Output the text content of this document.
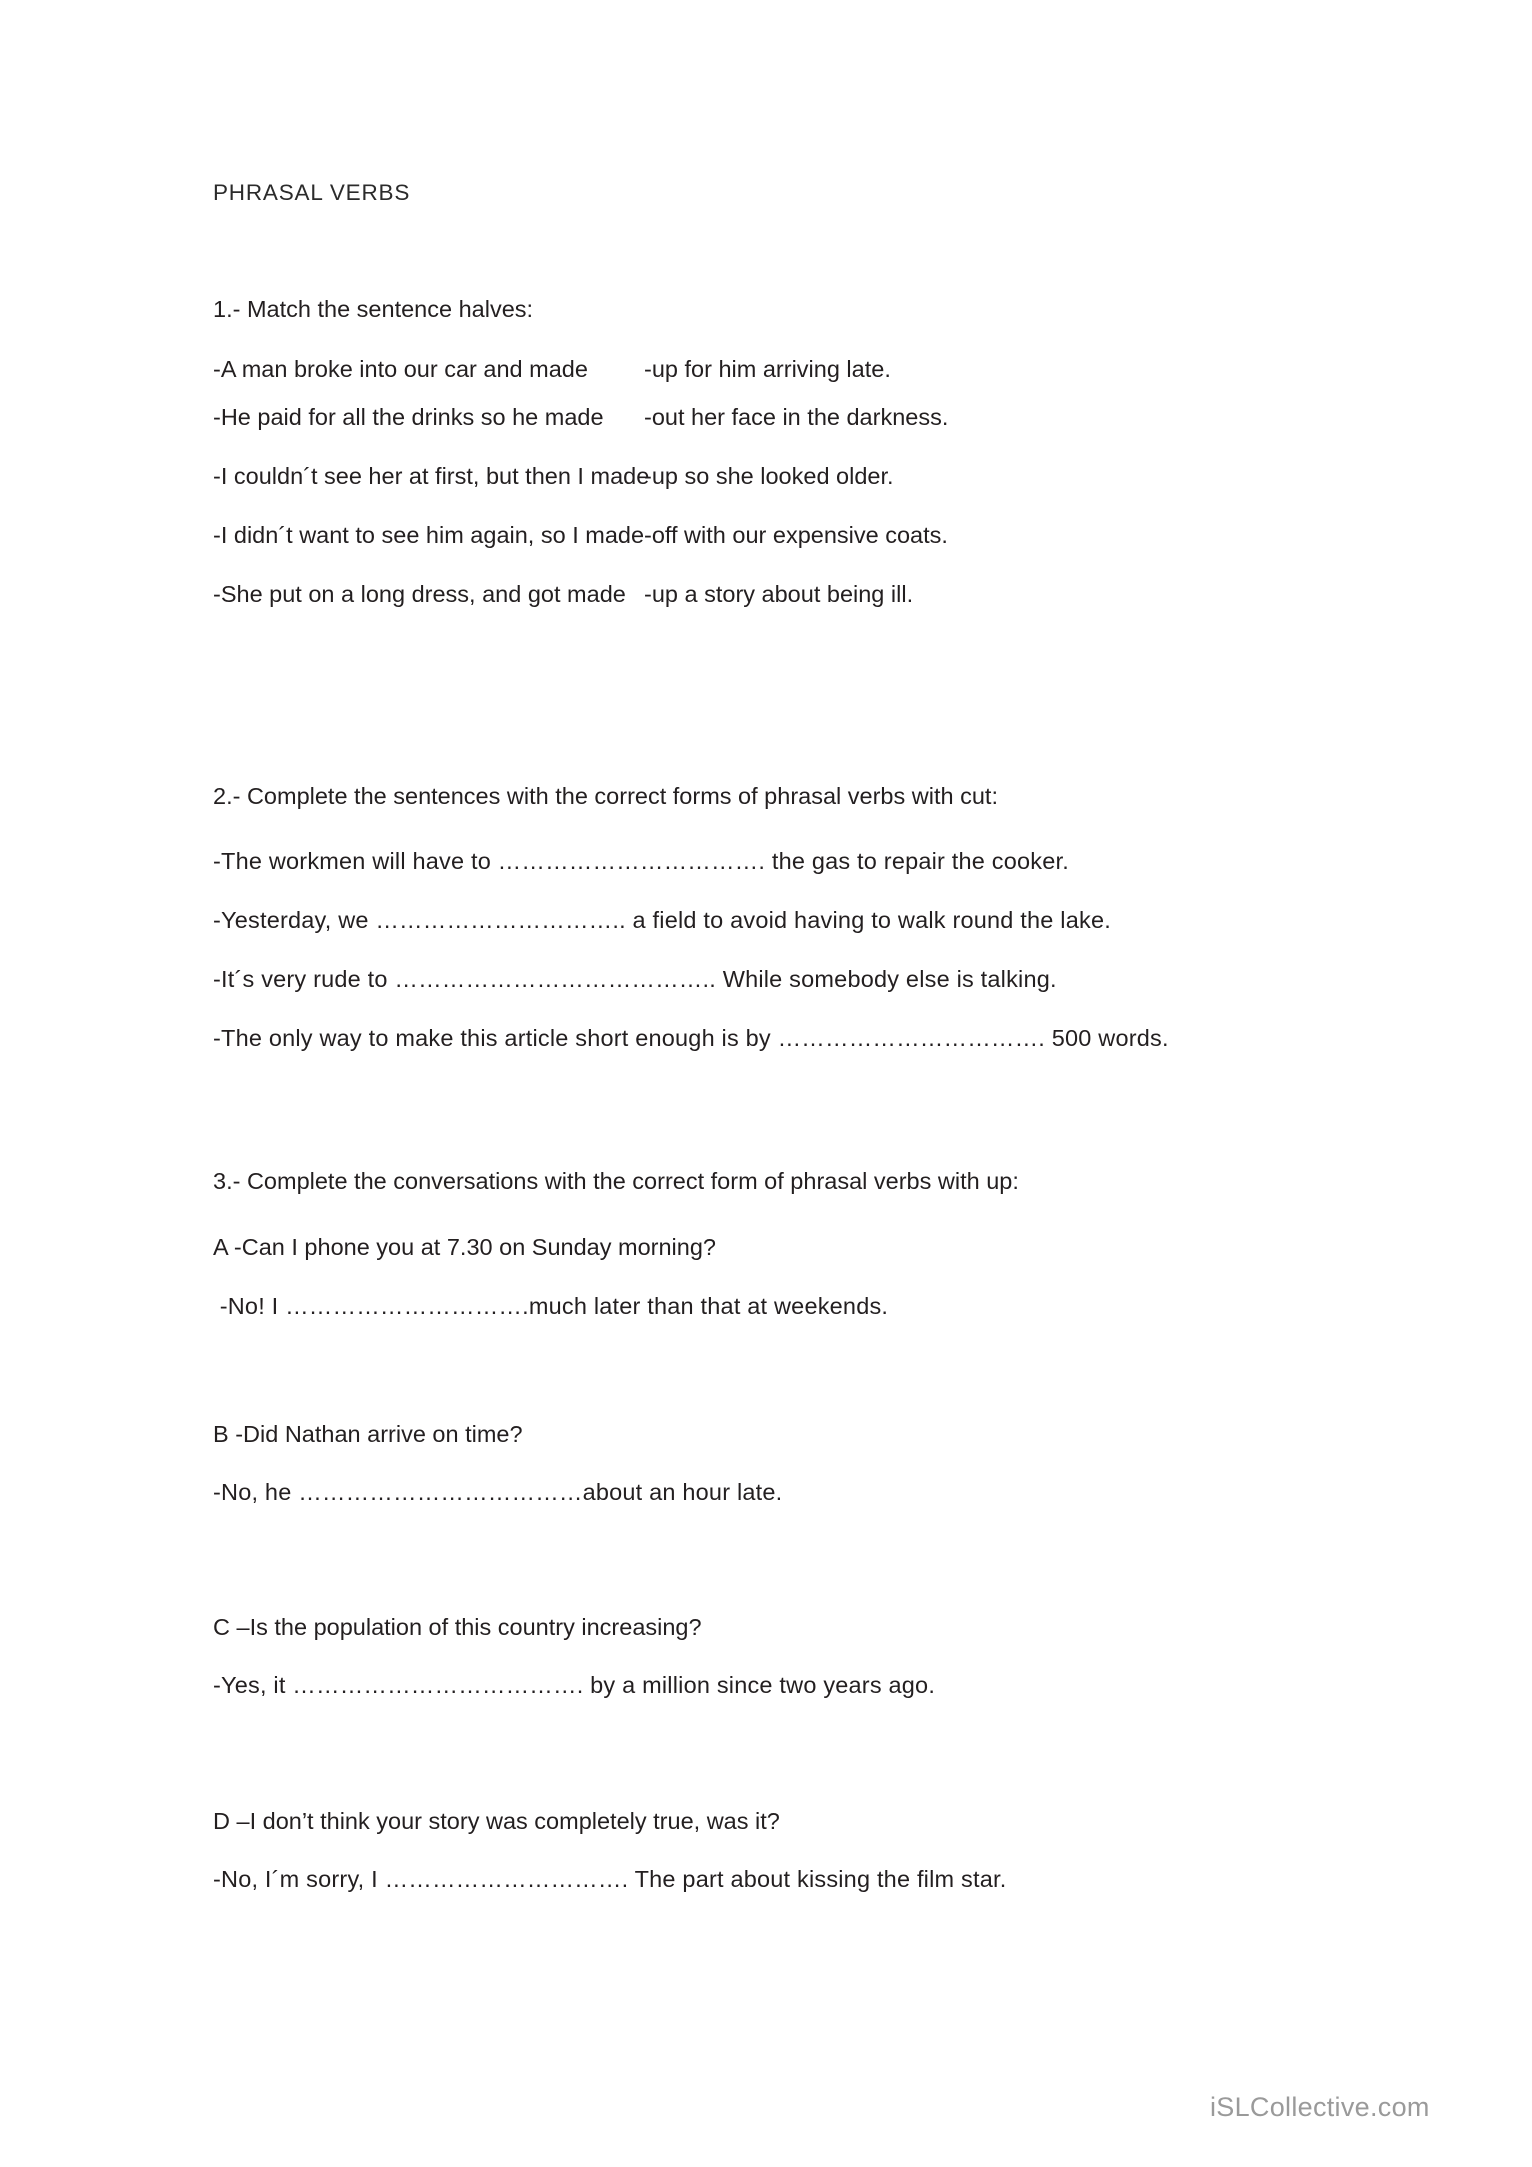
PHRASAL VERBS
1.- Match the sentence halves:
-A man broke into our car and made
-He paid for all the drinks so he made
-I couldn´t see her at first, but then I made
-I didn´t want to see him again, so I made
-She put on a long dress, and got made
-up for him arriving late.
-out her face in the darkness.
-up so she looked older.
-off with our expensive coats.
-up a story about being ill.
2.- Complete the sentences with the correct forms of phrasal verbs with cut:
-The workmen will have to ……………………………. the gas to repair the cooker.
-Yesterday, we ………………………….. a field to avoid having to walk round the lake.
-It´s very rude to ………………………………….. While somebody else is talking.
-The only way to make this article short enough is by ……………………………. 500 words.
3.- Complete the conversations with the correct form of phrasal verbs with up:
A -Can I phone you at 7.30 on Sunday morning?
-No! I ………………………….much later than that at weekends.
B -Did Nathan arrive on time?
-No, he ………………………………about an hour late.
C –Is the population of this country increasing?
-Yes, it ………………………………. by a million since two years ago.
D –I don’t think your story was completely true, was it?
-No, I´m sorry, I …………………………. The part about kissing the film star.
iSLCollective.com
